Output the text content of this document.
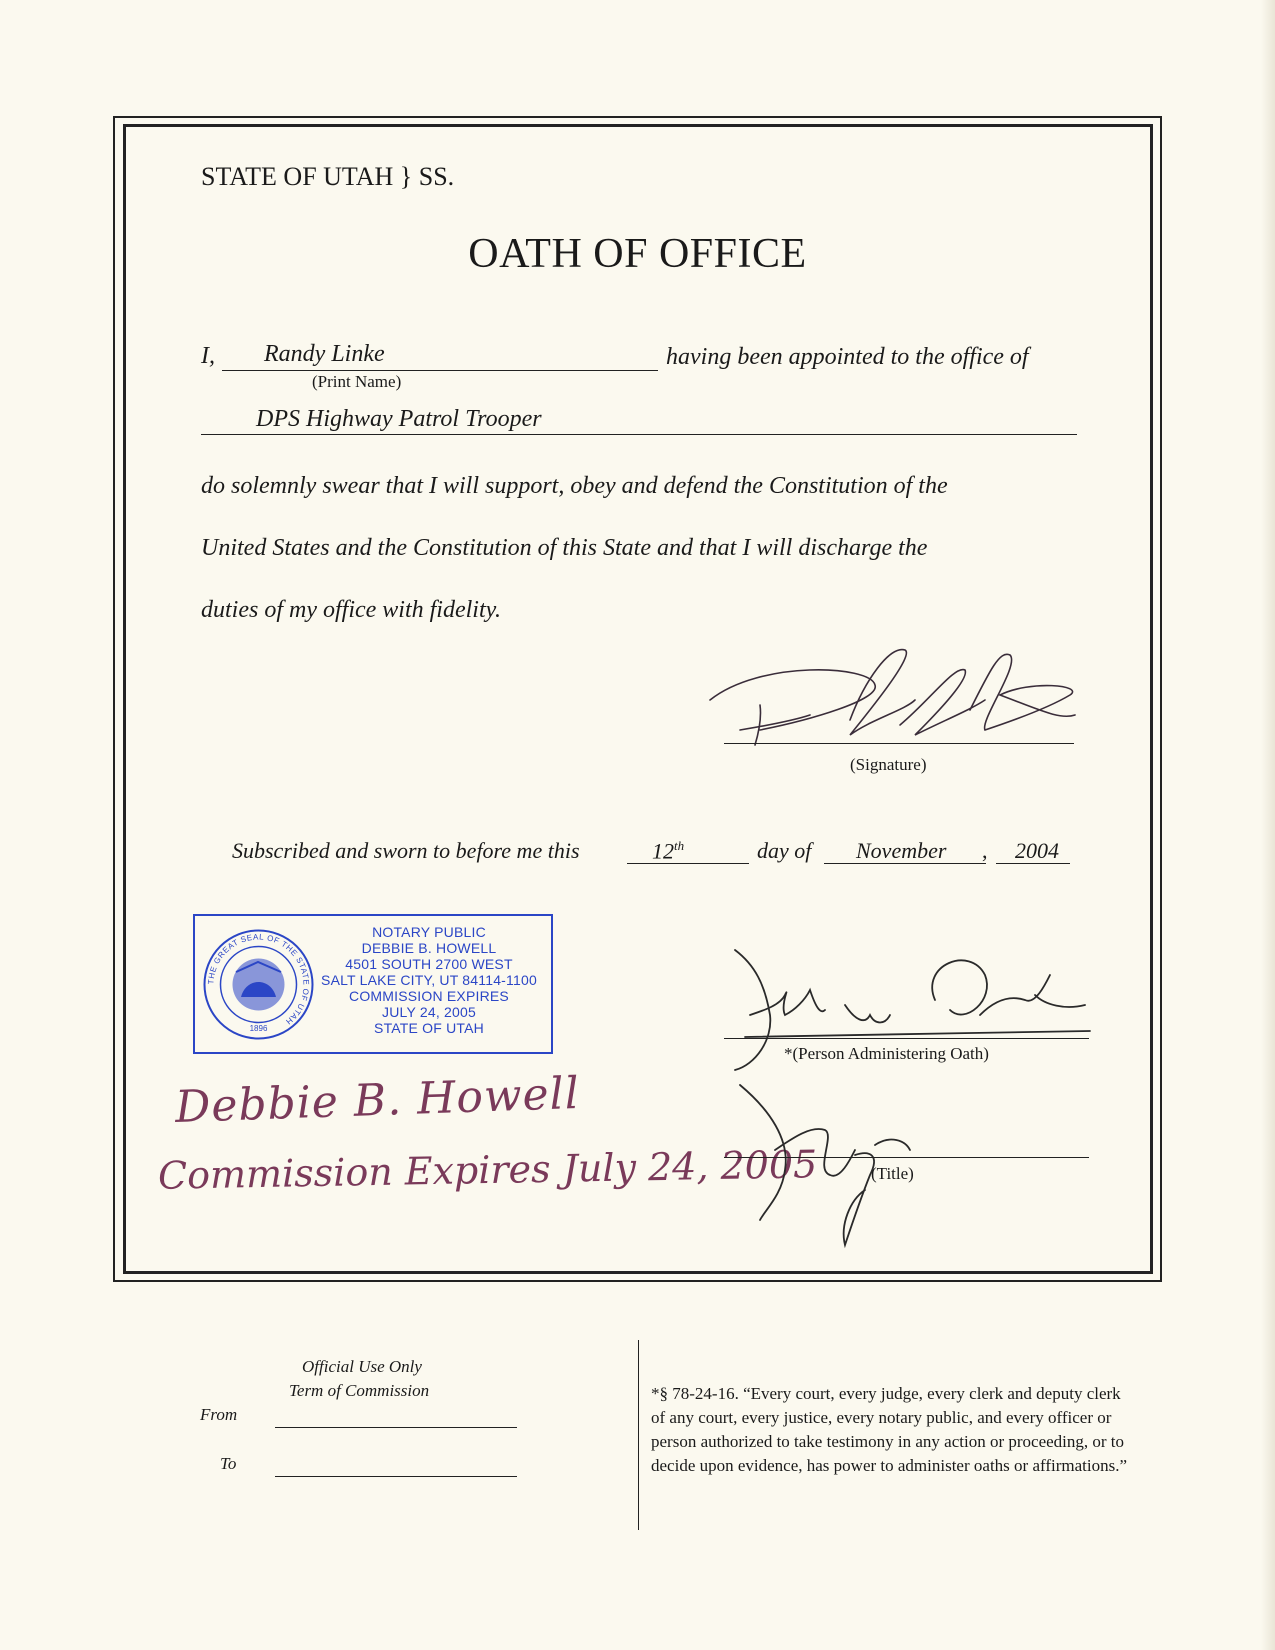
STATE OF UTAH } SS.
OATH OF OFFICE
I, Randy Linke
(Print Name)
having been appointed to the office of
DPS Highway Patrol Trooper
do solemnly swear that I will support, obey and defend the Constitution of the
United States and the Constitution of this State and that I will discharge the
duties of my office with fidelity.
(Signature)
Subscribed and sworn to before me this	12th	day of November , 2004
THE GREAT SEAL OF THE STATE OF UTAH
1896
NOTARY PUBLIC
DEBBIE B. HOWELL
4501 SOUTH 2700 WEST
SALT LAKE CITY, UT 84114-1100
COMMISSION EXPIRES
JULY 24, 2005
STATE OF UTAH
Debbie B. Howell
Commission Expires July 24, 2005
*(Person Administering Oath)
(Title)
Official Use Only
Term of Commission
From
To
*§ 78-24-16. “Every court, every judge, every clerk and deputy clerk of any court, every justice, every notary public, and every officer or person authorized to take testimony in any action or proceeding, or to decide upon evidence, has power to administer oaths or affirmations.”
